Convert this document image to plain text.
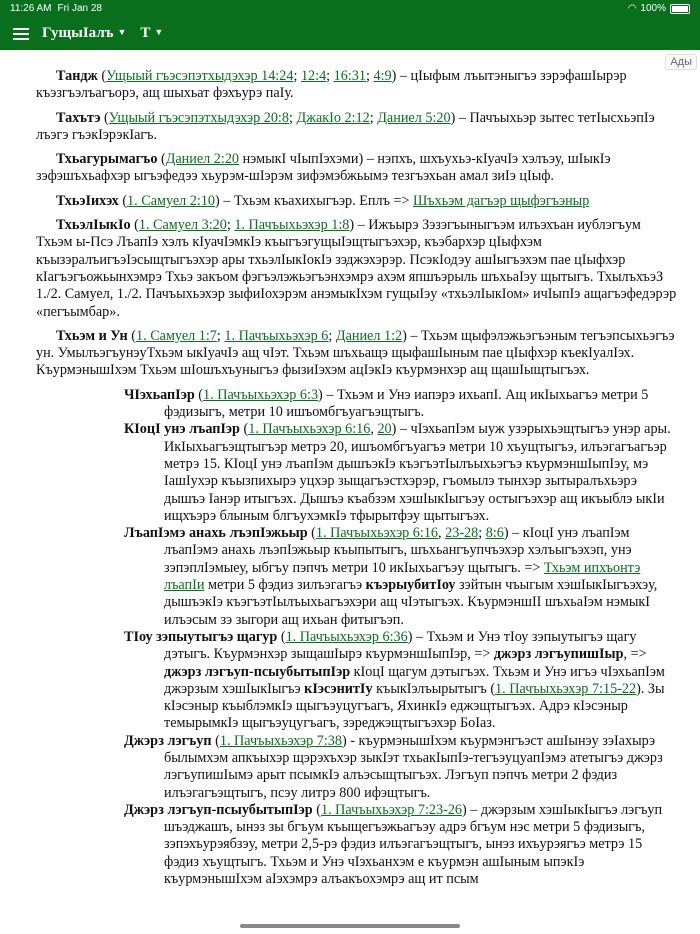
11:26 AM Fri Jan 28	◠ 100%
ГущыIалъ ▼ Т ▼
Ады

Тандж (Ущыый гъэсэпэтхыдэхэр 14:24; 12:4; 16:31; 4:9) – цIыфым лъытэныгъэ зэрэфашIырэр къэзгъэлъагъорэ, ащ шыхьат фэхъурэ паIу.

Тахътэ (Ущыый гъэсэпэтхыдэхэр 20:8; ДжакIо 2:12; Даниел 5:20) – Пачъыхьэр зытес тетIысхьэпIэ лъэгэ гъэкIэрэкIагъ.

Тхьагурымагъо (Даниел 2:20 нэмыкI чIыпIэхэми) – нэпхъ, шхъухьэ-кIуачIэ хэлъэу, шIыкIэ зэфэшъхьафхэр ыгъэфедээ хьурэм-шIэрэм зифэмэбжьымэ тезгъэхьан амал зиIэ цIыф.

ТхьэIихэх (1. Самуел 2:10) – Тхьэм къахихыгъэр. Еплъ => Шъхьэм дагъэр щыфэгъэныр

ТхьэлIыкIо (1. Самуел 3:20; 1. Пачъыхьэхэр 1:8) – Ижъырэ Зэзэгъыныгъэм илъэхъан иублэгъум Тхьэм ы-Псэ ЛъапIэ хэлъ кIуачIэмкIэ къыгъэгущыIэщтыгъэхэр, къэбархэр цIыфхэм къызэралъигъэIэсыщтыгъэхэр ары тхьэлIыкIокIэ зэджэхэрэр. ПсэкIодэу ашIыгъэхэм пае цIыфхэр кIагъэгъожьынхэмрэ Тхьэ закъом фэгъэлэжьэгъэнхэмрэ ахэм япшъэрыль шъхьаIэу щытыгъ. ТхылъхъэЗ 1./2. Самуел, 1./2. Пачъыхьэхэр зыфиIохэрэм анэмыкIхэм гущыIэу «тхьэлIыкIом» ичIыпIэ ащагъэфедэрэр «пегъымбар».

Тхьэм и Ун (1. Самуел 1:7; 1. Пачъыхьэхэр 6; Даниел 1:2) – Тхьэм щыфэлэжьэгъэным тегъэпсыхьэгъэ ун. УмылъэгъунэуТхьэм ыкIуачIэ ащ чIэт. Тхьэм шъхьащэ щыфашIыным пае цIыфхэр къекIуалIэх. КъурмэнышIхэм Тхьэм шIошъхъуныгъэ фызиIэхэм ацIэкIэ къурмэнхэр ащ щашIыщтыгъэх.

ЧIэхьапIэр (1. Пачъыхьэхэр 6:3) – Тхьэм и Унэ иапэрэ ихьапI. Ащ икIыхьагъэ метри 5 фэдизыгъ, метри 10 ишъомбгъуагъэщтыгъ.

КIоцI унэ лъапIэр (1. Пачъыхьэхэр 6:16, 20) – чIэхьапIэм ыуж узэрыхьэщтыгъэ унэр ары. ИкIыхьагъэщтыгъэр метрэ 20, ишъомбгъуагъэ метри 10 хъущтыгъэ, илъэгагъагъэр метрэ 15. КIоцI унэ лъапIэм дышъэкIэ къэгъэтIылъыхьэгъэ къурмэншIыпIэу, мэ IашIухэр къызпихырэ уцхэр зыщагъэстхэрэр, гъомылэ тынхэр зытыралъхьэрэ дышъэ Iанэр итыгъэх. Дышъэ къабзэм хэшIыкIыгъэу остыгъэхэр ащ икъыблэ ыкIи ищхъэрэ блыным блгъухэмкIэ тфырытфэу щытыгъэх.

ЛъапIэмэ анахь лъэпIэжьыр (1. Пачъыхьэхэр 6:16, 23-28; 8:6) – кIоцI унэ лъапIэм лъапIэмэ анахь лъэпIэжьыр къыпытыгъ, шъхьангъупчъэхэр хэлъыгъэхэп, унэ зэпэплIэмыеу, ыбгъу пэпчъ метри 10 икIыхьагъэу щытыгъ. => Тхьэм ипхъонтэ лъапIи метри 5 фэдиз зилъэгагъэ къэрыубитIоу зэйтын чъыгым хэшIыкIыгъэхэу, дышъэкIэ къэгъэтIылъыхьагъэхэри ащ чIэтыгъэх. КъурмэншII шъхьаIэм нэмыкI илъэсым зэ зыгори ащ ихьан фитыгъэп.

ТIоу зэпыутыгъэ щагур (1. Пачъыхьэхэр 6:36) – Тхьэм и Унэ тIоу зэпыутыгъэ щагу дэтыгъ. Къурмэнхэр зыщашIырэ къурмэншIыпIэр, => джэрз лэгъупишIыр, => джэрз лэгъуп-псыубытыпIэр кIоцI щагум дэтыгъэх. Тхьэм и Унэ игъэ чIэхьапIэм джэрзым хэшIыкIыгъэ кIэсэнитIу къыкIэлъырытыгъ (1. Пачъыхьэхэр 7:15-22). Зы кIэсэныр къыблэмкIэ щыгъэуцугъагъ, ЯхинкIэ еджэщтыгъэх. Адрэ кIэсэныр темырымкIэ щыгъэуцугъагъ, зэреджэщтыгъэхэр БоIаз.

Джэрз лэгъуп (1. Пачъыхьэхэр 7:38) - къурмэнышIхэм къурмэнгъэст ашIынэу зэIахырэ былымхэм апкъыхэр щэрэхъхэр зыкIэт тхьакIыпIэ-тегъэуцуапIэмэ атетыгъэ джэрз лэгъупишIымэ арыт псымкIэ алъэсыщтыгъэх. Лэгъуп пэпчъ метри 2 фэдиз илъэгагъэщтыгъ, псэу литрэ 800 ифэщтыгъ.

Джэрз лэгъуп-псыубытыпIэр (1. Пачъыхьэхэр 7:23-26) – джэрзым хэшIыкIыгъэ лэгъуп шъэджашъ, ынэз зы бгъум къыщегъэжьагъэу адрэ бгъум нэс метри 5 фэдизыгъ, зэпэхъурэябзэу, метри 2,5-рэ фэдиз илъэгагъэщтыгъ, ынэз ихъурэягъэ метрэ 15 фэдиз хъущтыгъ. Тхьэм и Унэ чIэхьанхэм е къурмэн ашIыным ыпэкIэ къурмэнышIхэм аIэхэмрэ алъакъохэмрэ ащ ит псым
